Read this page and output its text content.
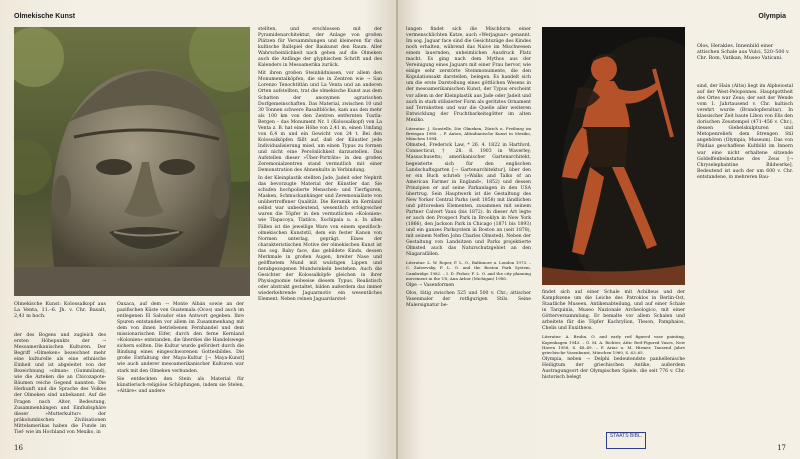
Olmekische Kunst
Olmekische Kunst: Kolossalkopf aus La Venta, 11.–6. Jh. v. Chr. Basalt, 2,41 m hoch.

der des Bogens und zugleich des ersten Höhepunkts der → Mesoamerikanischen Kulturen. Der Begriff »Olmeken« bezeichnet mehr eine kulturelle als eine ethnische Einheit und ist abgeleitet von der Bezeichnung »olman« (Gummiland), wie die Azteken die an Chicozapote-Bäumen reiche Gegend nannten. Die Herkunft und die Sprache des Volkes der Olmeken sind unbekannt. Auf die Fragen nach Alter, Bedeutung, Zusammenhängen und Einflußsphäre dieser »Mutterkultur« der präkolumbischen Zivilisationen Mittelamerikas haben die Funde im Tief- wie im Hochland von Mexiko, in

Oaxaca, auf dem → Monte Albán sowie an der pazifischen Küste von Guatemala (Ocos) und auch im entlegenen El Salvador eine Antwort gegeben. Ihre Spuren entstanden vor allem im Zusammenhang mit dem von ihnen betriebenen Fernhandel und dem missionarischen Eifer, durch den ferne Kernland »Kolonien« entstanden, die überdies die Handelswege sichern sollten. Die Kultur wurde gefördert durch die Bindung eines eingeschworenen Gottesbildes. Die große Entfaltung der Maya-Kultur [→ Maya-Kunst] wie auch anderer mesoamerikanischer Kulturen war stark mit den Olmeken verbunden.

Sie entdeckten den Stein als Material für künstlerisch-religiöse Schöpfungen, indem sie Stelen, »Altäre« und andere

stellten, und erschlossen mit der Pyramidenarchitektur, der Anlage von großen Plätzen für Versammlungen und kleineren für das kultische Ballspiel der Baukunst den Raum. Aller Wahrscheinlichkeit nach gehen auf die Olmeken auch die Anfänge der glyphischen Schrift und des Kalenders in Mesoamerika zurück.

Mit ihren großen Steinbildnissen, vor allem den Monumentalköpfen, die sie in Zentren wie → San Lorenzo Tenochtitlán und La Venta und an anderen Orten aufstellten, trat die olmekische Kunst aus dem Schatten der anonymen agrarischen Dorfgemeinschaften. Das Material, zwischen 10 und 30 Tonnen schwere Basaltblöcke, kam aus den mehr als 100 km von den Zentren entfernten Tuxtla-Bergen – das Monument Nr. 1 (Kolossalkopf) von La Venta z. B. hat eine Höhe von 2,41 m, einen Umfang von 6,4 m und ein Gewicht von 24 t. Bei den Kolossalköpfen fällt auf, daß der Künstler jede Individualisierung mied, um einen Typus zu formen und nicht eine Persönlichkeit darzustellen. Das Aufstellen dieser »Über-Porträts« in den großen Zeremonialzentren stand vermutlich mit einer Demonstration des Ahnenkults in Verbindung.

In der Kleinplastik stellten Jade, Jadeit oder Nephrit das bevorzugte Material der Künstler dar. Sie schufen hochpolierte Menschen- und Tierfiguren, Masken, Schmuckanhänger und Zeremonialäxte von unübertroffener Qualität. Die Keramik im Kernland selbst war unbedeutend, wesentlich erfolgreicher waren die Töpfer in den vermutlichen »Kolonien« wie Tlapacoya, Tlatilco, Xochipala u. a. In allen Fällen ist die jeweilige Ware von einem spezifisch-olmekischen Kunststil, dem ein fester Kanon von Normen unterlag, geprägt. Eines der charakteristischen Motive der olmekischen Kunst ist das sog. Baby face, das gebildete Kinds, dessen Merkmale in großen Augen, breiter Nase und geöffnetem Mund mit wulstigen Lippen und herabgezogenen Mundwinkeln bestehen. Auch die Gesichter der Kolossalköpfe gleichen in ihrer Physiognomie teilweise diesem Typus. Realistisch oder abstrakt gestaltet, bilden außerdem das immer wiederkehrende Jaguarmotiv ein wesentliches Element. Neben reinen Jaguardarstel-

16
Olympia

lungen findet sich die Mischform einer vermenschlichten Katze, auch »Werjaguar« genannt. Im sog. Jaguar face sind die Gesichtszüge des Kindes noch erhalten, während das Naive im Mischwesen einem lauernden, unheimlichen Ausdruck Platz macht. Es ging nach dem Mythos aus der Vereinigung eines Jaguars mit einer Frau hervor, wie einige sehr zerstörte Steinmonumente, die den Kopulationsakt darstellen, belegen. Es handelt sich um die erste Darstellung eines göttlichen Wesens in der mesoamerikanischen Kunst, der Typus erscheint vor allem in der Kleinplastik aus Jade oder Jadeit und auch in stark stilisierter Form als geritztes Ornament auf Terrakotten und war die Quelle aller weiteren Entwicklung der Fruchtbarkeitsgötter im alten Mexiko.

Literatur: J. Soustelle, Die Olmeken, Zürich u. Freiburg im Breisgau 1980. – P. Anton, Altindianische Kunst in Mexiko, München 1984.

Olmsted, Frederick Law, * 26. 4. 1822 in Hartford, Connecticut, † 28. 8. 1903 in Waverley, Massachusetts; amerikanischer Gartenarchitekt, begeisterte sich für den englischen Landschaftsgarten [→ Gartenarchitektur], über den er ein Buch schrieb (»Walks and Talks of an American Farmer in England«, 1852) und dessen Prinzipien er auf seine Parkanlagen in den USA übertrug. Sein Hauptwerk ist die Gestaltung des New Yorker Central Parks (seit 1858) mit ländlichen und pittoresken Elementen, zusammen mit seinem Partner Calvert Vaux (bis 1872). In dieser Art legte er auch den Prospect Park in Brooklyn in New York (1866), den Jackson Park in Chicago (1871 bis 1893) und ein ganzes Parksystem in Boston an (seit 1878), mit seinem Neffen John Charles Olmsted). Neben der Gestaltung von Landsitzen und Parks projektierte Olmsted auch das Naturschutzgebiet an den Niagarafällen.

Literatur: L. W. Roper, F. L. O., Baltimore u. London 1973. – C. Zaitzevsky, F. L. O. and the Boston Park System, Cambridge 1982. – I. D. Fisher, F. L. O. and the city planning movement in the US, Ann Arbor (Michigan) 1986.

Olpe → Vasenformen

Olos, tätig zwischen 525 und 500 v. Chr.; attischer Vasenmaler der rotfigurigen Stils. Seine Malersignatur be-

Olos, Herakles. Innenbild einer attischen Schale aus Vulci, 520–500 v. Chr. Rom, Vatikan, Museo Vaticani.

findet sich auf einer Schale mit Achilleus und der Kampfszene um die Leiche des Patroklos in Berlin-Ost, Staatliche Museen, Antikenabteilung, und auf einer Schale in Tarquinia, Museo Nazionale Archeologico, mit einer Götterversammlung. Er bemalte vor allem Schalen und arbeitete für die Töpfer Kachrylion, Tleson, Pamphaios, Chelis und Euxitheos.

Literatur: A. Bruhn, O. and early red figured vase painting, Kopenhagen 1943. – G. M. A. Richter, Attic Red-Figured Vases, New Haven 1958, S. 48–49. – P. Arias u. M. Hirmer, Tausend Jahre griechische Vasenkunst, München 1960, S. 63–65.

Olympia, neben → Delphi bedeutendste panhellenische Heiligtum der griechischen Antike, außerdem Austragungsort der Olympischen Spiele, die seit 776 v. Chr. historisch belegt

sind, der Hain (Altis) liegt im Alpheiostal auf der West-Peloponnes. Hauptgottheit des Ortes war Zeus; der seit der Wende vom 1. Jahrtausend v. Chr. kultisch verehrt wurde (Brandopferaltar). In klassischer Zeit baute Libon von Elis den dorischen Zeustempel (471–456 v. Chr.), dessen Giebelskulpturen und Metopenreliefs dem Strengen Stil angehören (Olympia, Museum). Das von Phidias geschaffene Kultbild im Innern war eine nicht erhaltene sitzende Goldelfenbeinstatue des Zeus [→ Chryselephantine Bildwerke]. Bedeutend ist auch der um 600 v. Chr. entstandene, in mehreren Bau-

STAATS BIBL.
17
